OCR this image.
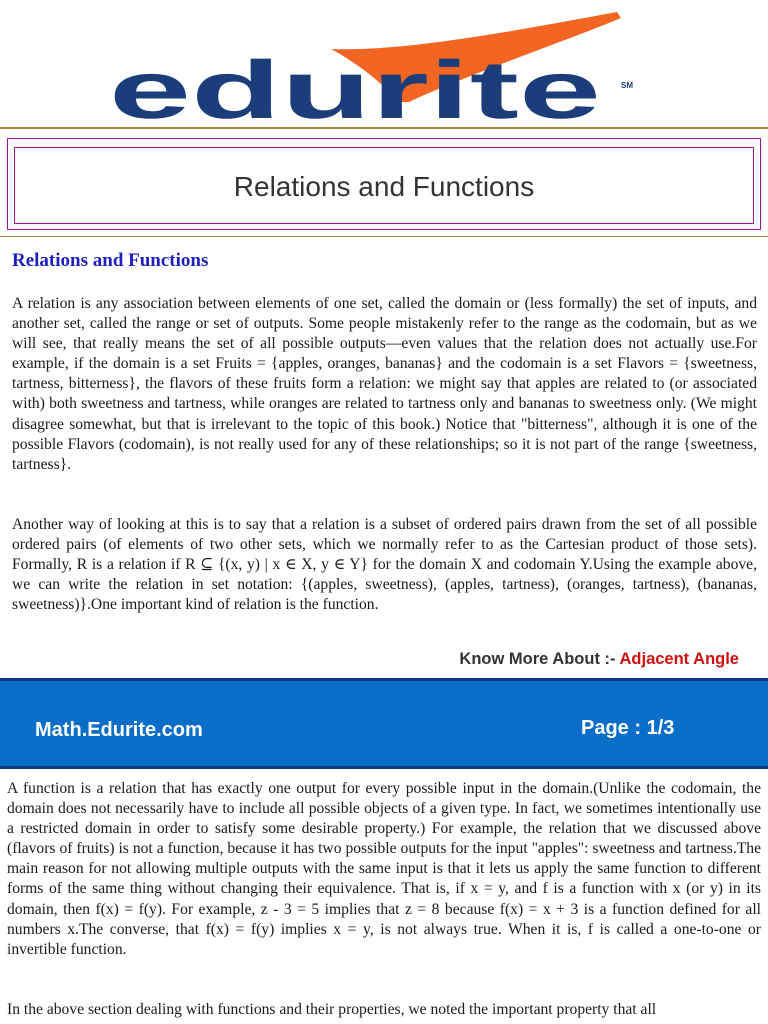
edurite	SM
Relations and Functions
Relations and Functions

A relation is any association between elements of one set, called the domain or (less formally) the set of inputs, and another set, called the range or set of outputs. Some people mistakenly refer to the range as the codomain, but as we will see, that really means the set of all possible outputs—even values that the relation does not actually use.For example, if the domain is a set Fruits = {apples, oranges, bananas} and the codomain is a set Flavors = {sweetness, tartness, bitterness}, the flavors of these fruits form a relation: we might say that apples are related to (or associated with) both sweetness and tartness, while oranges are related to tartness only and bananas to sweetness only. (We might disagree somewhat, but that is irrelevant to the topic of this book.) Notice that "bitterness", although it is one of the possible Flavors (codomain), is not really used for any of these relationships; so it is not part of the range {sweetness, tartness}.

Another way of looking at this is to say that a relation is a subset of ordered pairs drawn from the set of all possible ordered pairs (of elements of two other sets, which we normally refer to as the Cartesian product of those sets). Formally, R is a relation if R ⊆ {(x, y) | x ∈ X, y ∈ Y} for the domain X and codomain Y.Using the example above, we can write the relation in set notation: {(apples, sweetness), (apples, tartness), (oranges, tartness), (bananas, sweetness)}.One important kind of relation is the function.

Know More About :- Adjacent Angle
Math.Edurite.com	Page : 1/3

A function is a relation that has exactly one output for every possible input in the domain.(Unlike the codomain, the domain does not necessarily have to include all possible objects of a given type. In fact, we sometimes intentionally use a restricted domain in order to satisfy some desirable property.) For example, the relation that we discussed above (flavors of fruits) is not a function, because it has two possible outputs for the input "apples": sweetness and tartness.The main reason for not allowing multiple outputs with the same input is that it lets us apply the same function to different forms of the same thing without changing their equivalence. That is, if x = y, and f is a function with x (or y) in its domain, then f(x) = f(y). For example, z - 3 = 5 implies that z = 8 because f(x) = x + 3 is a function defined for all numbers x.The converse, that f(x) = f(y) implies x = y, is not always true. When it is, f is called a one-to-one or invertible function.

In the above section dealing with functions and their properties, we noted the important property that all
